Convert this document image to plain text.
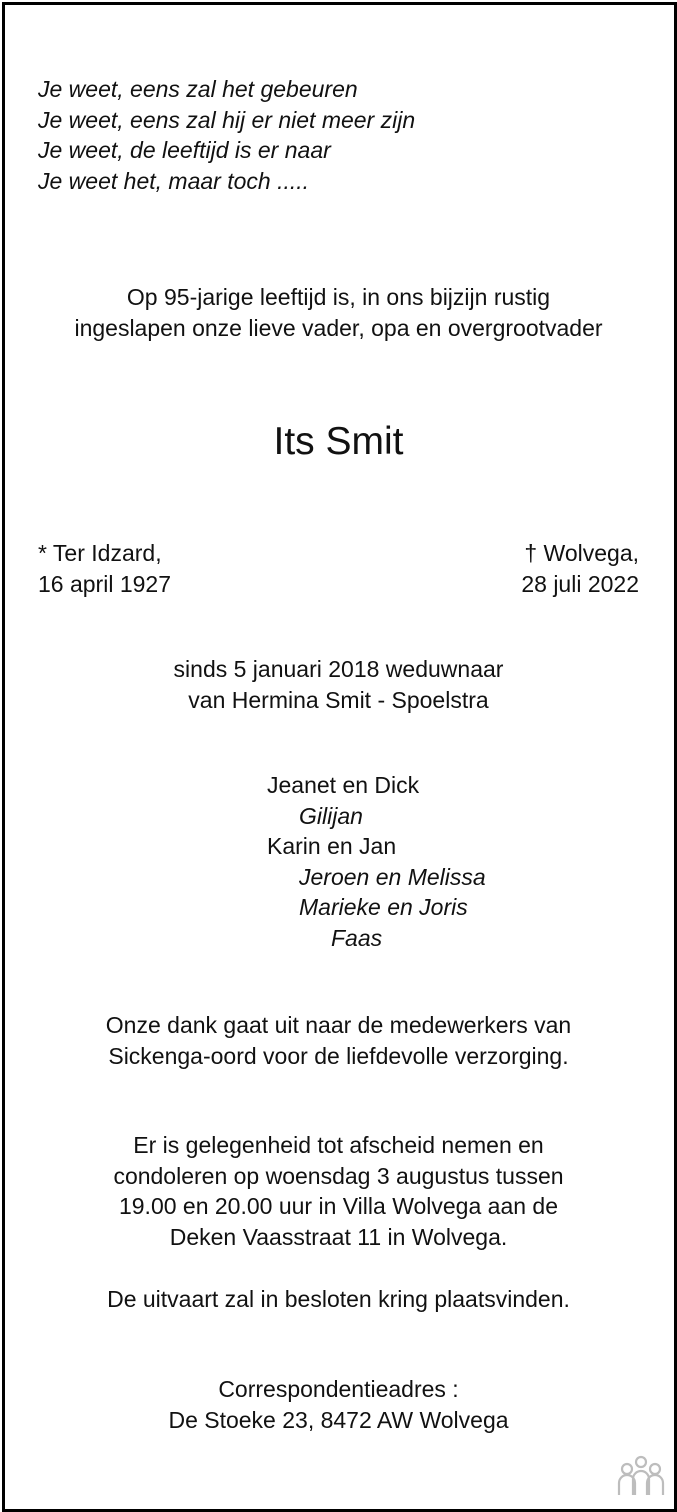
Je weet, eens zal het gebeuren
Je weet, eens zal hij er niet meer zijn
Je weet, de leeftijd is er naar
Je weet het, maar toch .....
Op 95-jarige leeftijd is, in ons bijzijn rustig
ingeslapen onze lieve vader, opa en overgrootvader
Its Smit
* Ter Idzard,
16 april 1927
† Wolvega,
28 juli 2022
sinds 5 januari 2018 weduwnaar
van Hermina Smit - Spoelstra
Jeanet en Dick
Gilijan
Karin en Jan
Jeroen en Melissa
Marieke en Joris
Faas
Onze dank gaat uit naar de medewerkers van
Sickenga-oord voor de liefdevolle verzorging.
Er is gelegenheid tot afscheid nemen en
condoleren op woensdag 3 augustus tussen
19.00 en 20.00 uur in Villa Wolvega aan de
Deken Vaasstraat 11 in Wolvega.
De uitvaart zal in besloten kring plaatsvinden.
Correspondentieadres :
De Stoeke 23, 8472 AW Wolvega
